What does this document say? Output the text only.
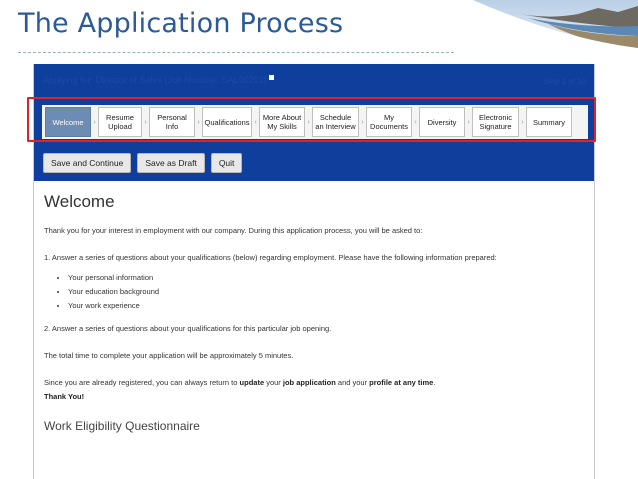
The Application Process
Applying for: Director of Sales (Job Number: SAL00201)	Step 1 of 10
Welcome	›	Resume Upload	›	Personal Info	› Qualifications › More About My Skills	›	Schedule an Interview ›	My Documents ›	Diversity	›	Electronic Signature	›	Summary
Save and Continue	Save as Draft	Quit
Welcome

Thank you for your interest in employment with our company. During this application process, you will be asked to:

1. Answer a series of questions about your qualifications (below) regarding employment. Please have the following information prepared:

• Your personal information
• Your education background
• Your work experience

2. Answer a series of questions about your qualifications for this particular job opening.

The total time to complete your application will be approximately 5 minutes.

Since you are already registered, you can always return to update your job application and your profile at any time.

Thank You!

Work Eligibility Questionnaire
